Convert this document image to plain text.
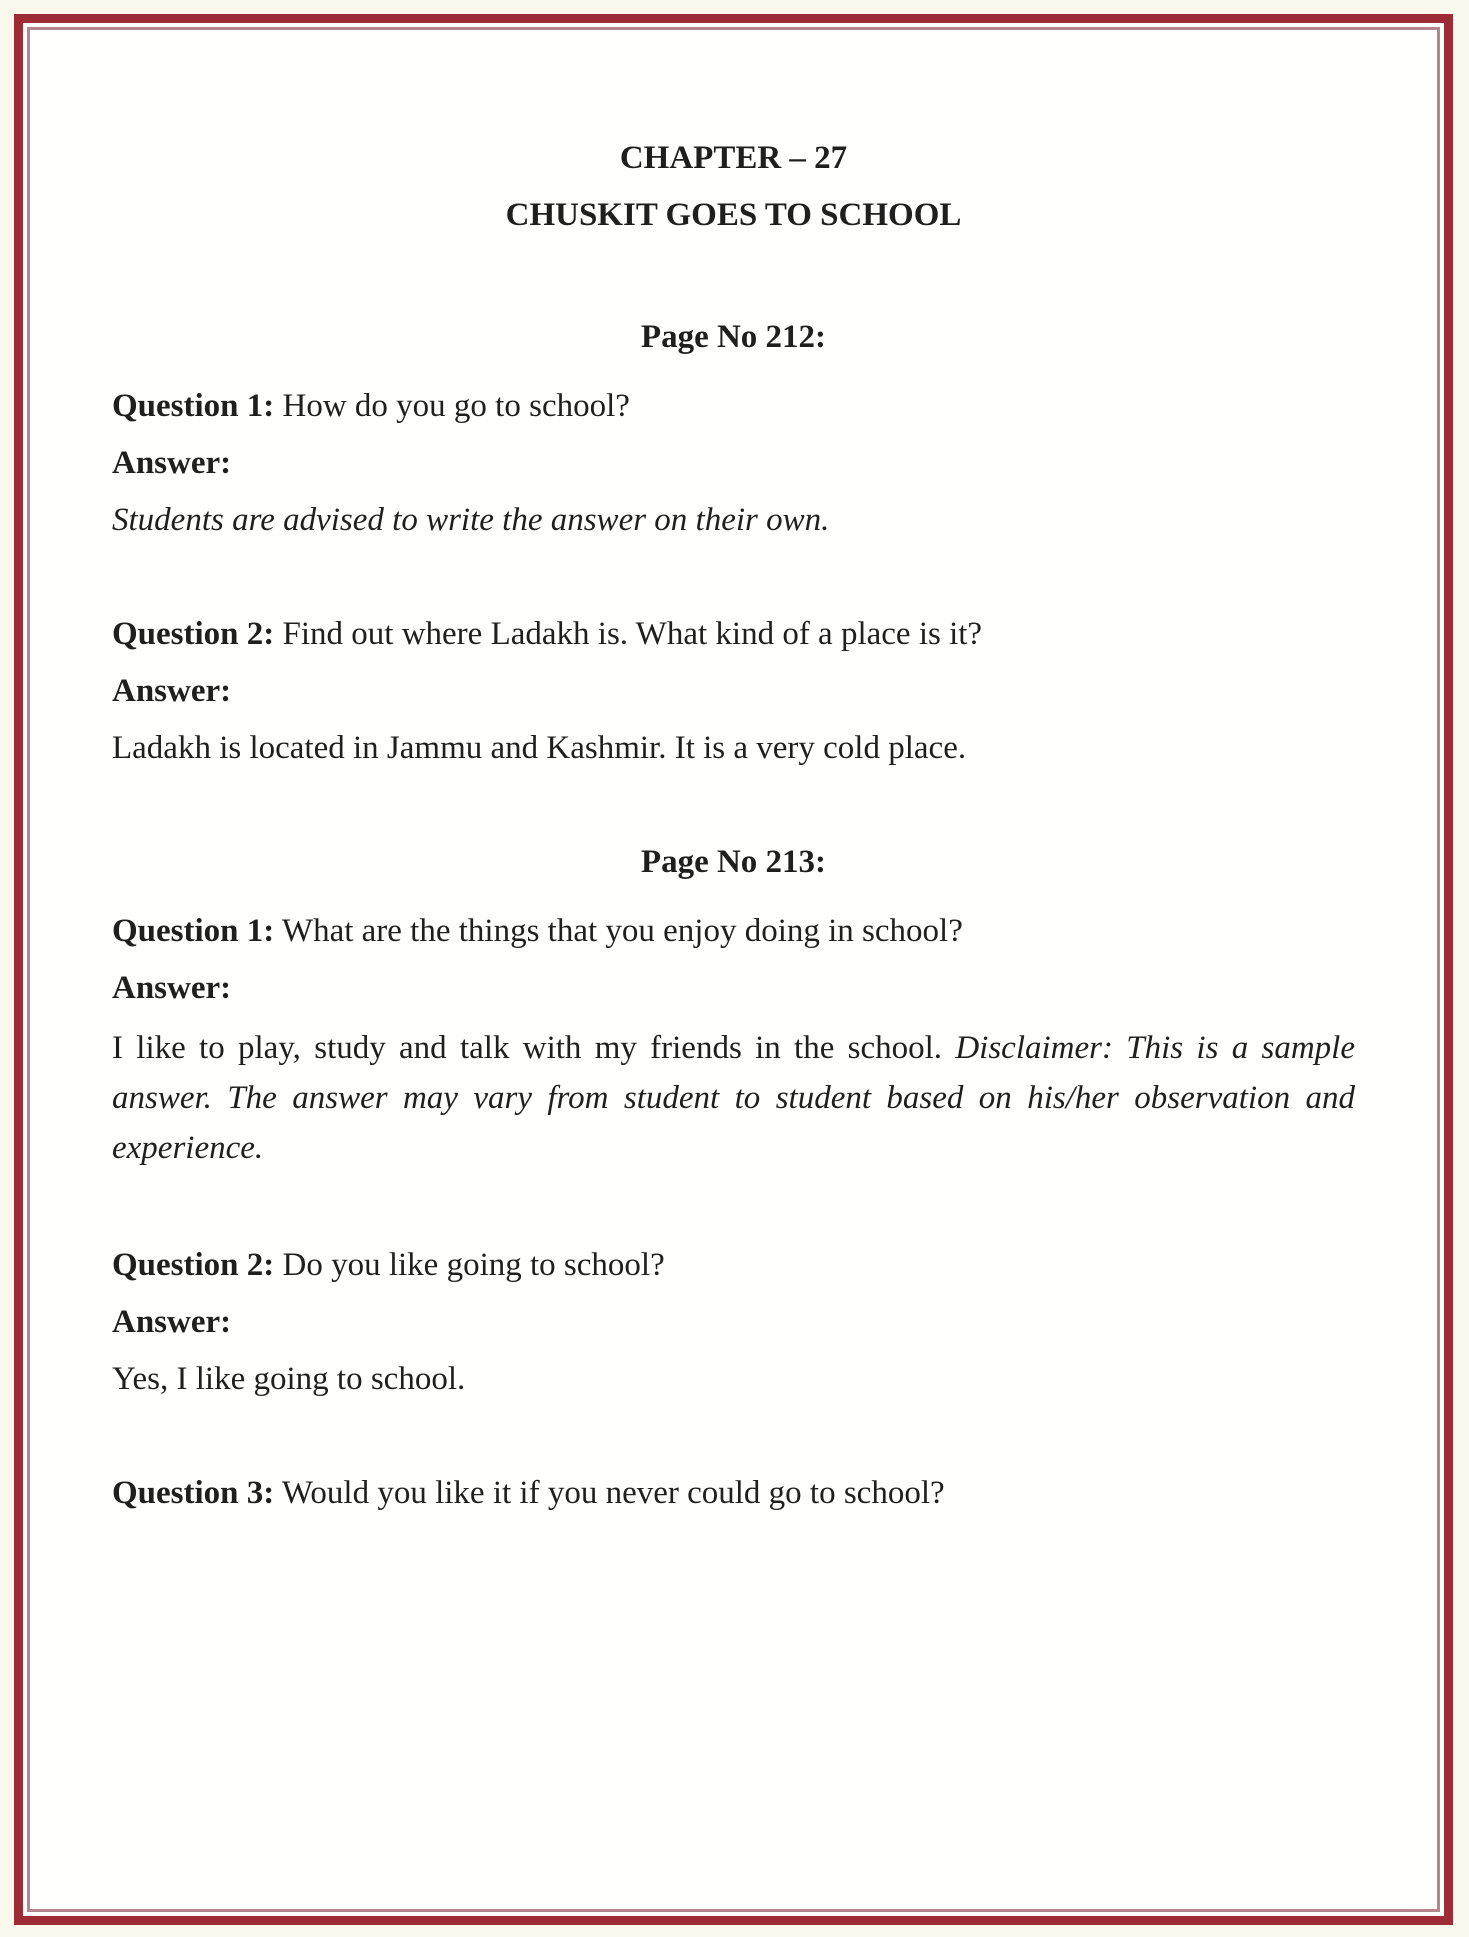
CHAPTER – 27

CHUSKIT GOES TO SCHOOL

Page No 212:

Question 1: How do you go to school?

Answer:

Students are advised to write the answer on their own.

Question 2: Find out where Ladakh is. What kind of a place is it?

Answer:

Ladakh is located in Jammu and Kashmir. It is a very cold place.

Page No 213:

Question 1: What are the things that you enjoy doing in school?

Answer:

I like to play, study and talk with my friends in the school. Disclaimer: This is a sample answer. The answer may vary from student to student based on his/her observation and experience.

Question 2: Do you like going to school?

Answer:

Yes, I like going to school.

Question 3: Would you like it if you never could go to school?
